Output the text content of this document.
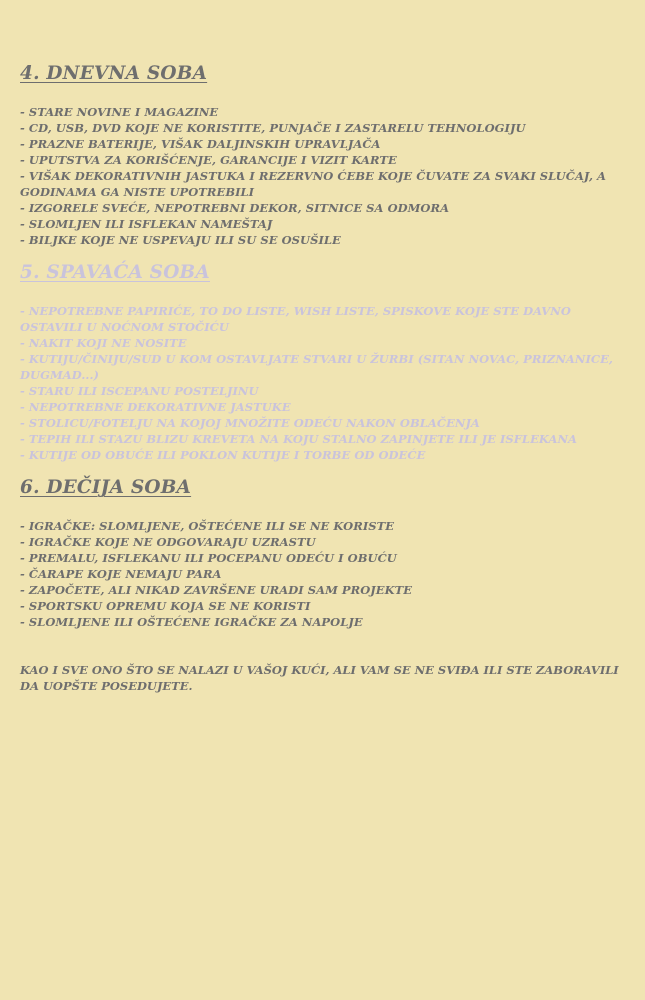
4. DNEVNA SOBA
- STARE NOVINE I MAGAZINE
- CD, USB, DVD KOJE NE KORISTITE, PUNJAČE I ZASTARELU TEHNOLOGIJU
- PRAZNE BATERIJE, VIŠAK DALJINSKIH UPRAVLJAČA
- UPUTSTVA ZA KORIŠĆENJE, GARANCIJE I VIZIT KARTE
- VIŠAK DEKORATIVNIH JASTUKA I REZERVNO ĆEBE KOJE ČUVATE ZA SVAKI SLUČAJ, A GODINAMA GA NISTE UPOTREBILI
- IZGORELE SVEĆE, NEPOTREBNI DEKOR, SITNICE SA ODMORA
- SLOMLJEN ILI ISFLEKAN NAMEŠTAJ
- BILJKE KOJE NE USPEVAJU ILI SU SE OSUŠILE
5. SPAVAĆA SOBA
- NEPOTREBNE PAPIRIĆE, TO DO LISTE, WISH LISTE, SPISKOVE KOJE STE DAVNO OSTAVILI U NOĆNOM STOČIĆU
- NAKIT KOJI NE NOSITE
- KUTIJU/ČINIJU/SUD U KOM OSTAVLJATE STVARI U ŽURBI (SITAN NOVAC, PRIZNANICE, DUGMAD...)
- STARU ILI ISCEPANU POSTELJINU
- NEPOTREBNE DEKORATIVNE JASTUKE
- STOLICU/FOTELJU NA KOJOJ MNOŽITE ODEĆU NAKON OBLAČENJA
- TEPIH ILI STAZU BLIZU KREVETA NA KOJU STALNO ZAPINJETE ILI JE ISFLEKANA
- KUTIJE OD OBUĆE ILI POKLON KUTIJE I TORBE OD ODEĆE
6. DEČIJA SOBA
- IGRAČKE: SLOMLJENE, OŠTEĆENE ILI SE NE KORISTE
- IGRAČKE KOJE NE ODGOVARAJU UZRASTU
- PREMALU, ISFLEKANU ILI POCEPANU ODEĆU I OBUĆU
- ČARAPE KOJE NEMAJU PARA
- ZAPOČETE, ALI NIKAD ZAVRŠENE URADI SAM PROJEKTE
- SPORTSKU OPREMU KOJA SE NE KORISTI
- SLOMLJENE ILI OŠTEĆENE IGRAČKE ZA NAPOLJE

KAO I SVE ONO ŠTO SE NALAZI U VAŠOJ KUĆI, ALI VAM SE NE SVIĐA ILI STE ZABORAVILI DA UOPŠTE POSEDUJETE.
